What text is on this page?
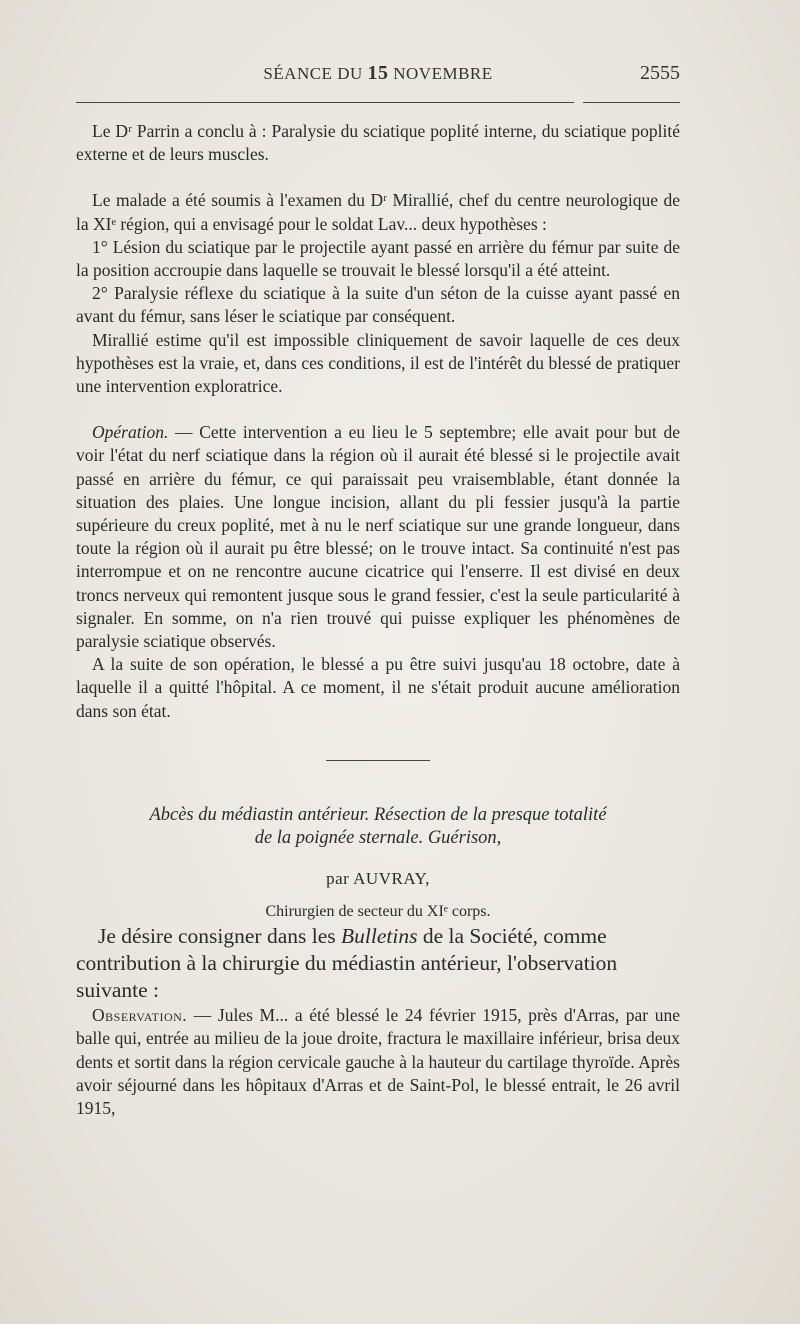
SÉANCE DU 15 NOVEMBRE	2555

Le Dʳ Parrin a conclu à : Paralysie du sciatique poplité interne, du sciatique poplité externe et de leurs muscles.

Le malade a été soumis à l'examen du Dʳ Mirallié, chef du centre neurologique de la XIᵉ région, qui a envisagé pour le soldat Lav... deux hypothèses :

1° Lésion du sciatique par le projectile ayant passé en arrière du fémur par suite de la position accroupie dans laquelle se trouvait le blessé lorsqu'il a été atteint.

2° Paralysie réflexe du sciatique à la suite d'un séton de la cuisse ayant passé en avant du fémur, sans léser le sciatique par conséquent.

Mirallié estime qu'il est impossible cliniquement de savoir laquelle de ces deux hypothèses est la vraie, et, dans ces conditions, il est de l'intérêt du blessé de pratiquer une intervention exploratrice.

Opération. — Cette intervention a eu lieu le 5 septembre; elle avait pour but de voir l'état du nerf sciatique dans la région où il aurait été blessé si le projectile avait passé en arrière du fémur, ce qui paraissait peu vraisemblable, étant donnée la situation des plaies. Une longue incision, allant du pli fessier jusqu'à la partie supérieure du creux poplité, met à nu le nerf sciatique sur une grande longueur, dans toute la région où il aurait pu être blessé; on le trouve intact. Sa continuité n'est pas interrompue et on ne rencontre aucune cicatrice qui l'enserre. Il est divisé en deux troncs nerveux qui remontent jusque sous le grand fessier, c'est la seule particularité à signaler. En somme, on n'a rien trouvé qui puisse expliquer les phénomènes de paralysie sciatique observés.

A la suite de son opération, le blessé a pu être suivi jusqu'au 18 octobre, date à laquelle il a quitté l'hôpital. A ce moment, il ne s'était produit aucune amélioration dans son état.

Abcès du médiastin antérieur. Résection de la presque totalité
de la poignée sternale. Guérison,
par AUVRAY,
Chirurgien de secteur du XIᵉ corps.

Je désire consigner dans les Bulletins de la Société, comme contribution à la chirurgie du médiastin antérieur, l'observation suivante :

Observation. — Jules M... a été blessé le 24 février 1915, près d'Arras, par une balle qui, entrée au milieu de la joue droite, fractura le maxillaire inférieur, brisa deux dents et sortit dans la région cervicale gauche à la hauteur du cartilage thyroïde. Après avoir séjourné dans les hôpitaux d'Arras et de Saint-Pol, le blessé entrait, le 26 avril 1915,
